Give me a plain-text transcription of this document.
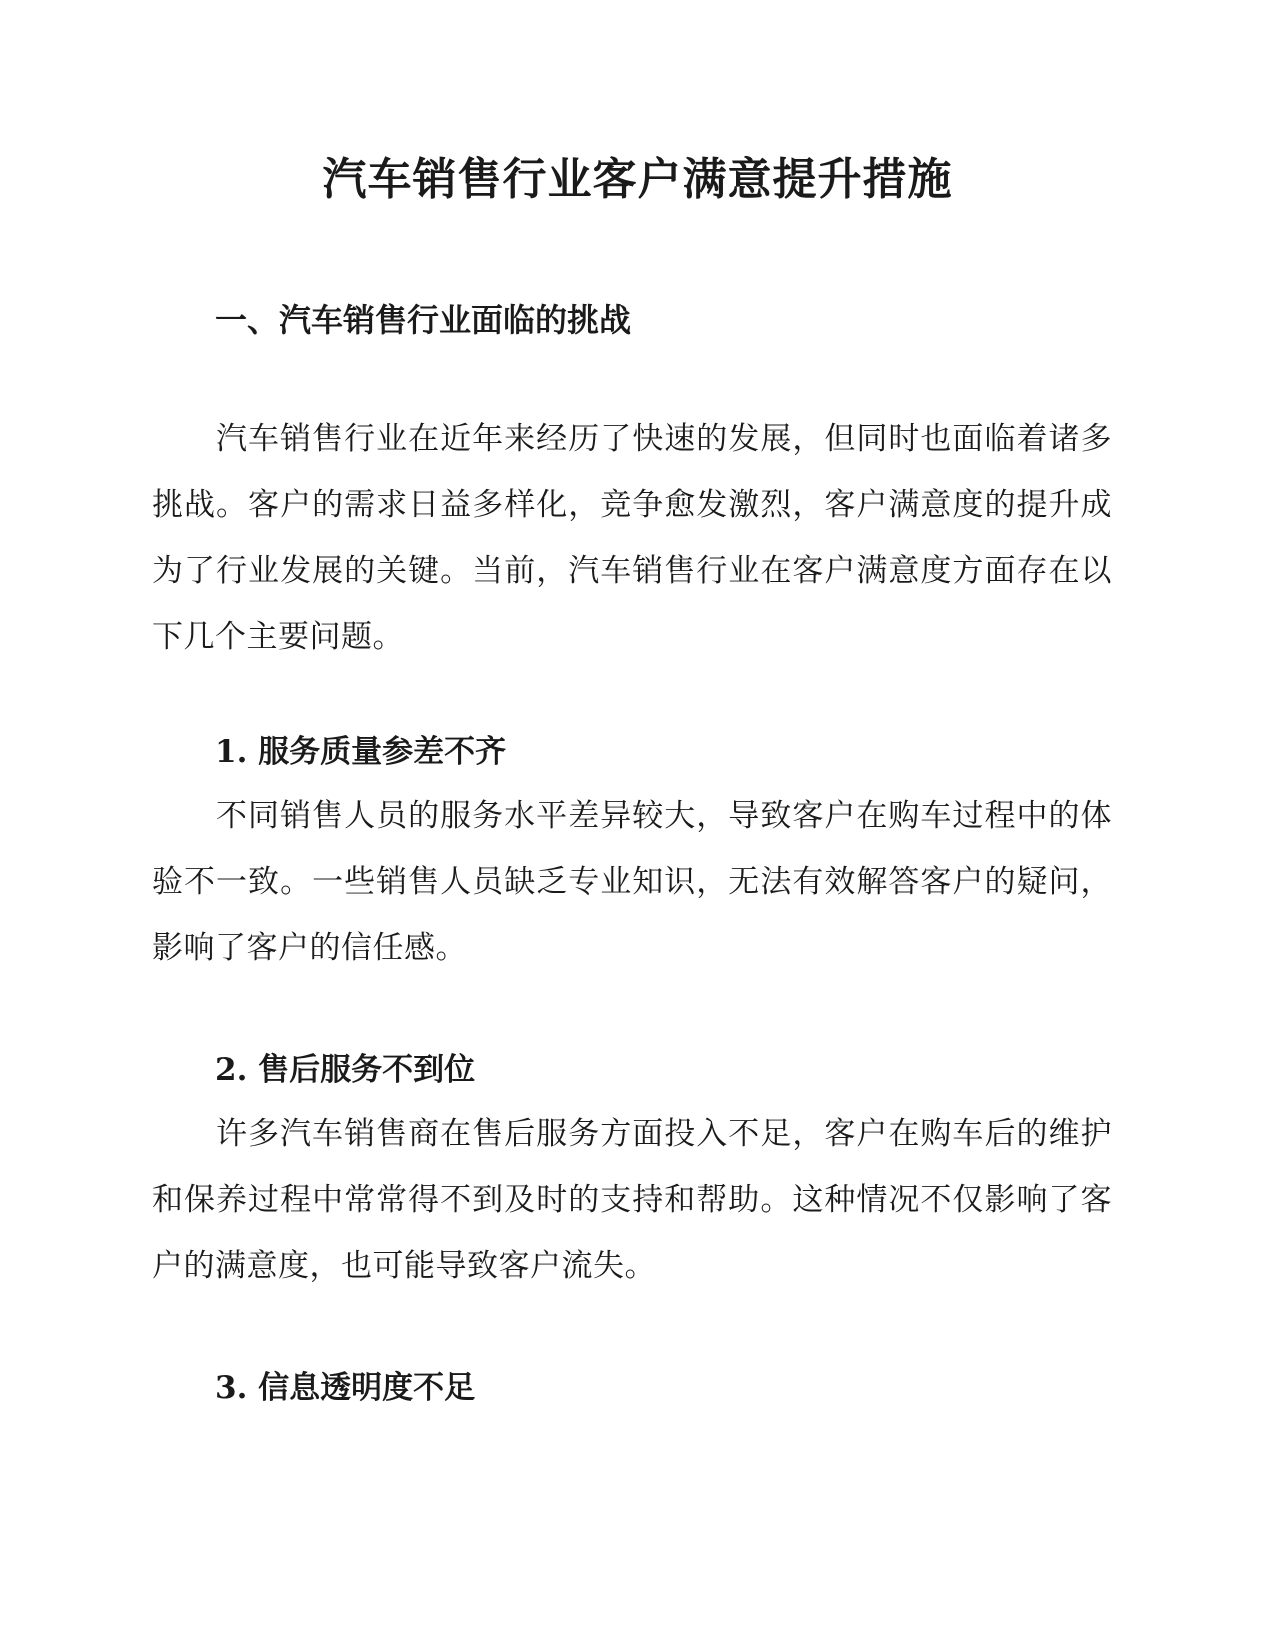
汽车销售行业客户满意提升措施
一、汽车销售行业面临的挑战

汽车销售行业在近年来经历了快速的发展，但同时也面临着诸多挑战。客户的需求日益多样化，竞争愈发激烈，客户满意度的提升成为了行业发展的关键。当前，汽车销售行业在客户满意度方面存在以下几个主要问题。

1. 服务质量参差不齐

不同销售人员的服务水平差异较大，导致客户在购车过程中的体验不一致。一些销售人员缺乏专业知识，无法有效解答客户的疑问，影响了客户的信任感。

2. 售后服务不到位

许多汽车销售商在售后服务方面投入不足，客户在购车后的维护和保养过程中常常得不到及时的支持和帮助。这种情况不仅影响了客户的满意度，也可能导致客户流失。

3. 信息透明度不足
